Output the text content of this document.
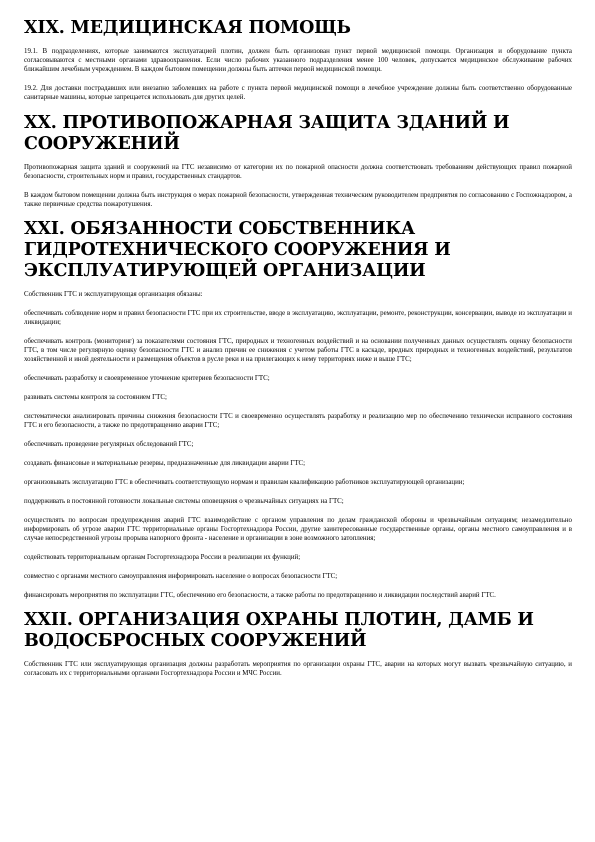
XIX. МЕДИЦИНСКАЯ ПОМОЩЬ

19.1. В подразделениях, которые занимаются эксплуатацией плотин, должен быть организован пункт первой медицинской помощи. Организация и оборудование пункта согласовываются с местными органами здравоохранения. Если число рабочих указанного подразделения менее 100 человек, допускается медицинское обслуживание рабочих ближайшим лечебным учреждением. В каждом бытовом помещении должны быть аптечки первой медицинской помощи.

19.2. Для доставки пострадавших или внезапно заболевших на работе с пункта первой медицинской помощи в лечебное учреждение должны быть соответственно оборудованные санитарные машины, которые запрещается использовать для других целей.

XX. ПРОТИВОПОЖАРНАЯ ЗАЩИТА ЗДАНИЙ И СООРУЖЕНИЙ

Противопожарная защита зданий и сооружений на ГТС независимо от категории их по пожарной опасности должна соответствовать требованиям действующих правил пожарной безопасности, строительных норм и правил, государственных стандартов.

В каждом бытовом помещении должна быть инструкция о мерах пожарной безопасности, утвержденная техническим руководителем предприятия по согласованию с Госпожнадзором, а также первичные средства пожаротушения.

XXI. ОБЯЗАННОСТИ СОБСТВЕННИКА ГИДРОТЕХНИЧЕСКОГО СООРУЖЕНИЯ И ЭКСПЛУАТИРУЮЩЕЙ ОРГАНИЗАЦИИ

Собственник ГТС и эксплуатирующая организация обязаны:

обеспечивать соблюдение норм и правил безопасности ГТС при их строительстве, вводе в эксплуатацию, эксплуатации, ремонте, реконструкции, консервации, выводе из эксплуатации и ликвидации;

обеспечивать контроль (мониторинг) за показателями состояния ГТС, природных и техногенных воздействий и на основании полученных данных осуществлять оценку безопасности ГТС, в том числе регулярную оценку безопасности ГТС и анализ причин ее снижения с учетом работы ГТС в каскаде, вредных природных и техногенных воздействий, результатов хозяйственной и иной деятельности и размещения объектов в русле реки и на прилегающих к нему территориях ниже и выше ГТС;

обеспечивать разработку и своевременное уточнение критериев безопасности ГТС;

развивать системы контроля за состоянием ГТС;

систематически анализировать причины снижения безопасности ГТС и своевременно осуществлять разработку и реализацию мер по обеспечению технически исправного состояния ГТС и его безопасности, а также по предотвращению аварии ГТС;

обеспечивать проведение регулярных обследований ГТС;

создавать финансовые и материальные резервы, предназначенные для ликвидации аварии ГТС;

организовывать эксплуатацию ГТС в обеспечивать соответствующую нормам и правилам квалификацию работников эксплуатирующей организации;

поддерживать в постоянной готовности локальные системы оповещения о чрезвычайных ситуациях на ГТС;

осуществлять по вопросам предупреждения аварий ГТС взаимодействие с органом управления по делам гражданской обороны и чрезвычайным ситуациям; незамедлительно информировать об угрозе аварии ГТС территориальные органы Госгортехнадзора России, другие заинтересованные государственные органы, органы местного самоуправления и в случае непосредственной угрозы прорыва напорного фронта - население и организации в зоне возможного затопления;

содействовать территориальным органам Госгортехнадзора России в реализации их функций;

совместно с органами местного самоуправления информировать население о вопросах безопасности ГТС;

финансировать мероприятия по эксплуатации ГТС, обеспечению его безопасности, а также работы по предотвращению и ликвидации последствий аварий ГТС.

XXII. ОРГАНИЗАЦИЯ ОХРАНЫ ПЛОТИН, ДАМБ И ВОДОСБРОСНЫХ СООРУЖЕНИЙ

Собственник ГТС или эксплуатирующая организация должны разработать мероприятия по организации охраны ГТС, аварии на которых могут вызвать чрезвычайную ситуацию, и согласовать их с территориальными органами Госгортехнадзора России и МЧС России.
